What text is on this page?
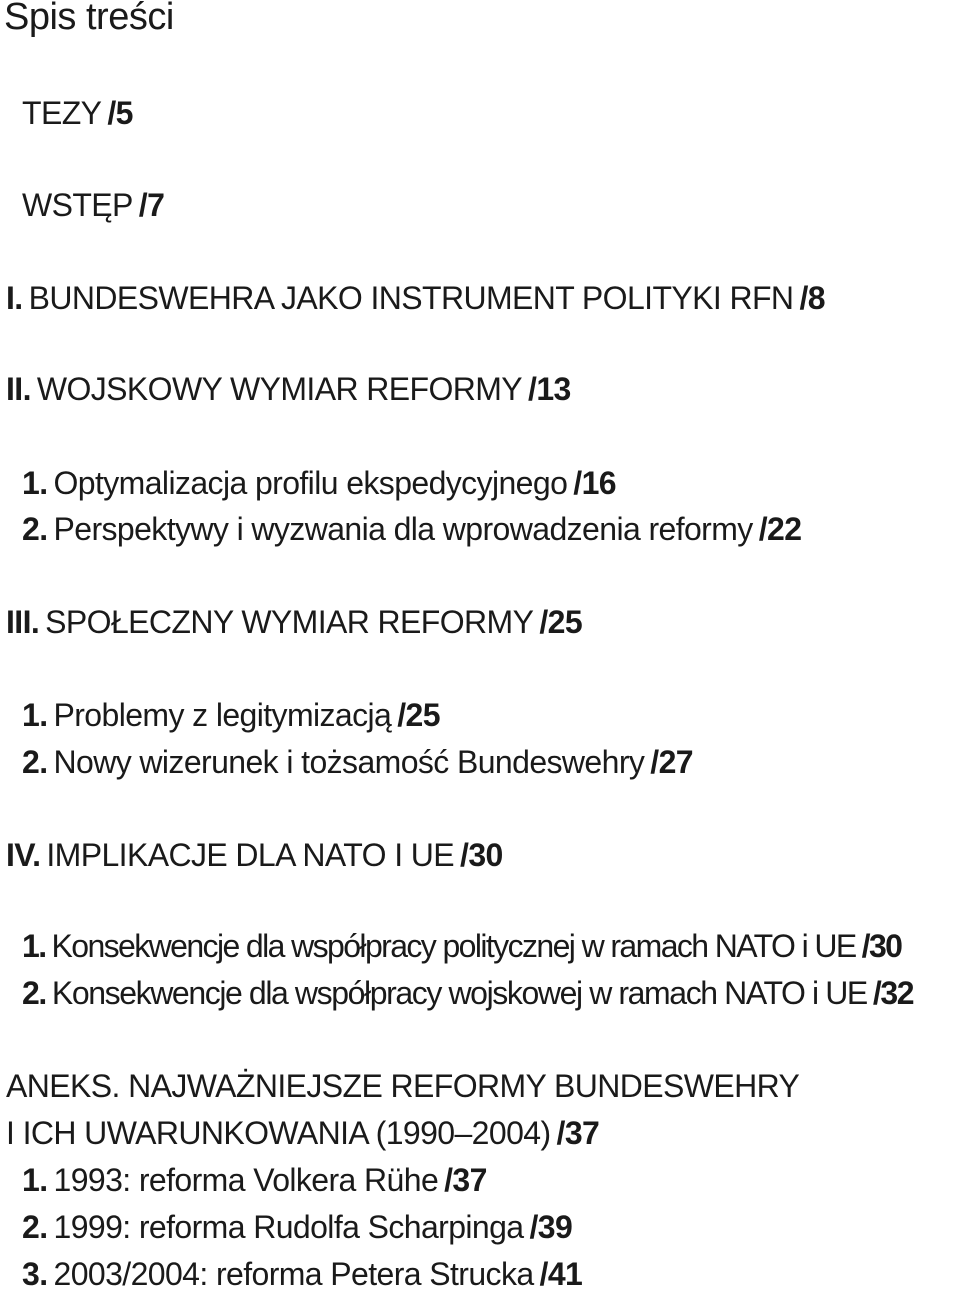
Spis treści
TEZY /5
WSTĘP /7
I. BUNDESWEHRA JAKO INSTRUMENT POLITYKI RFN /8
II. WOJSKOWY WYMIAR REFORMY /13
1. Optymalizacja profilu ekspedycyjnego /16
2. Perspektywy i wyzwania dla wprowadzenia reformy /22
III. SPOŁECZNY WYMIAR REFORMY /25
1. Problemy z legitymizacją /25
2. Nowy wizerunek i tożsamość Bundeswehry /27
IV. IMPLIKACJE DLA NATO I UE /30
1. Konsekwencje dla współpracy politycznej w ramach NATO i UE /30
2. Konsekwencje dla współpracy wojskowej w ramach NATO i UE /32
ANEKS. NAJWAŻNIEJSZE REFORMY BUNDESWEHRY
I ICH UWARUNKOWANIA (1990–2004) /37
1. 1993: reforma Volkera Rühe /37
2. 1999: reforma Rudolfa Scharpinga /39
3. 2003/2004: reforma Petera Strucka /41
